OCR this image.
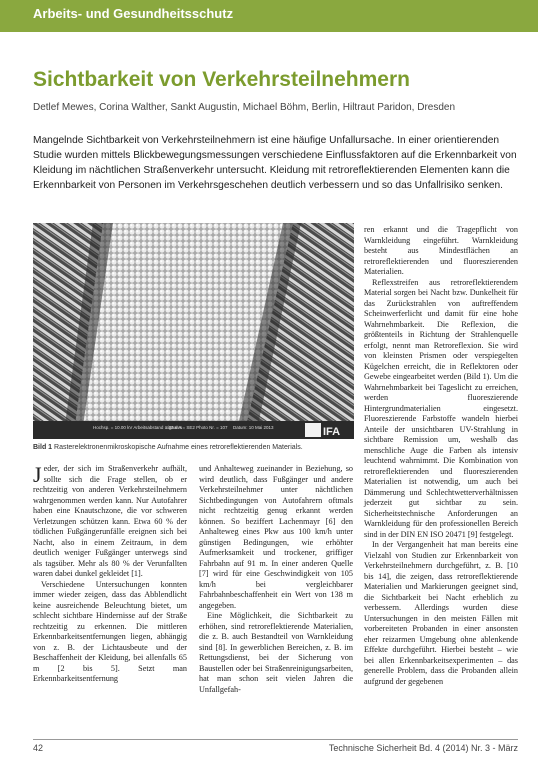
Arbeits- und Gesundheitsschutz
Sichtbarkeit von Verkehrsteilnehmern
Detlef Mewes, Corina Walther, Sankt Augustin, Michael Böhm, Berlin, Hiltraut Paridon, Dresden

Mangelnde Sichtbarkeit von Verkehrsteilnehmern ist eine häufige Unfallursache. In einer orientierenden Studie wurden mittels Blickbewegungsmessungen verschiedene Einflussfaktoren auf die Erkennbarkeit von Kleidung im nächtlichen Straßenverkehr untersucht. Kleidung mit retroreflektierenden Elementen kann die Erkennbarkeit von Personen im Verkehrsgeschehen deutlich verbessern und so das Unfallrisiko senken.

Hochsp. = 10.00 kV Arbeitsabstand = 33 mm
Signal A = SE2 Photo Nr. = 107 Datum: 10 Mai 2013	IFA
Bild 1 Rasterelektronenmikroskopische Aufnahme eines retroreflektierenden Materials.

Jeder, der sich im Straßenverkehr aufhält, sollte sich die Frage stellen, ob er rechtzeitig von anderen Verkehrsteilnehmern wahrgenommen werden kann. Nur Autofahrer haben eine Knautschzone, die vor schweren Verletzungen schützen kann. Etwa 60 % der tödlichen Fußgängerunfälle ereignen sich bei Nacht, also in einem Zeitraum, in dem deutlich weniger Fußgänger unterwegs sind als tagsüber. Mehr als 80 % der Verunfallten waren dabei dunkel gekleidet [1].

Verschiedene Untersuchungen konnten immer wieder zeigen, dass das Abblendlicht keine ausreichende Beleuchtung bietet, um schlecht sichtbare Hindernisse auf der Straße rechtzeitig zu erkennen. Die mittleren Erkennbarkeitsentfernungen liegen, abhängig von z. B. der Lichtausbeute und der Beschaffenheit der Kleidung, bei allenfalls 65 m [2 bis 5]. Setzt man Erkennbarkeitsentfernung

und Anhalteweg zueinander in Beziehung, so wird deutlich, dass Fußgänger und andere Verkehrsteilnehmer unter nächtlichen Sichtbedingungen von Autofahrern oftmals nicht rechtzeitig genug erkannt werden können. So beziffert Lachenmayr [6] den Anhalteweg eines Pkw aus 100 km/h unter günstigen Bedingungen, wie erhöhter Aufmerksamkeit und trockener, griffiger Fahrbahn auf 91 m. In einer anderen Quelle [7] wird für eine Geschwindigkeit von 105 km/h bei vergleichbarer Fahrbahnbeschaffenheit ein Wert von 138 m angegeben.

Eine Möglichkeit, die Sichtbarkeit zu erhöhen, sind retroreflektierende Materialien, die z. B. auch Bestandteil von Warnkleidung sind [8]. In gewerblichen Bereichen, z. B. im Rettungsdienst, bei der Sicherung von Baustellen oder bei Straßenreinigungsarbeiten, hat man schon seit vielen Jahren die Unfallgefah-

ren erkannt und die Tragepflicht von Warnkleidung eingeführt. Warnkleidung besteht aus Mindestflächen an retroreflektierenden und fluoreszierenden Materialien.

Reflexstreifen aus retroreflektierendem Material sorgen bei Nacht bzw. Dunkelheit für das Zurückstrahlen von auftreffendem Scheinwerferlicht und damit für eine hohe Wahrnehmbarkeit. Die Reflexion, die größtenteils in Richtung der Strahlenquelle erfolgt, nennt man Retroreflexion. Sie wird von kleinsten Prismen oder verspiegelten Kügelchen erreicht, die in Reflektoren oder Gewebe eingearbeitet werden (Bild 1). Um die Wahrnehmbarkeit bei Tageslicht zu erreichen, werden fluoreszierende Hintergrundmaterialien eingesetzt. Fluoreszierende Farbstoffe wandeln hierbei Anteile der unsichtbaren UV-Strahlung in sichtbare Remission um, weshalb das menschliche Auge die Farben als intensiv leuchtend wahrnimmt. Die Kombination von retroreflektierenden und fluoreszierenden Materialien ist notwendig, um auch bei Dämmerung und Schlechtwetterverhältnissen jederzeit gut sichtbar zu sein. Sicherheitstechnische Anforderungen an Warnkleidung für den professionellen Bereich sind in der DIN EN ISO 20471 [9] festgelegt.

In der Vergangenheit hat man bereits eine Vielzahl von Studien zur Erkennbarkeit von Verkehrsteilnehmern durchgeführt, z. B. [10 bis 14], die zeigen, dass retroreflektierende Materialien und Markierungen geeignet sind, die Sichtbarkeit bei Nacht erheblich zu verbessern. Allerdings wurden diese Untersuchungen in den meisten Fällen mit vorbereiteten Probanden in einer ansonsten eher reizarmen Umgebung ohne ablenkende Effekte durchgeführt. Hierbei besteht – wie bei allen Erkennbarkeitsexperimenten – das generelle Problem, dass die Probanden allein aufgrund der gegebenen

42	Technische Sicherheit Bd. 4 (2014) Nr. 3 - März
